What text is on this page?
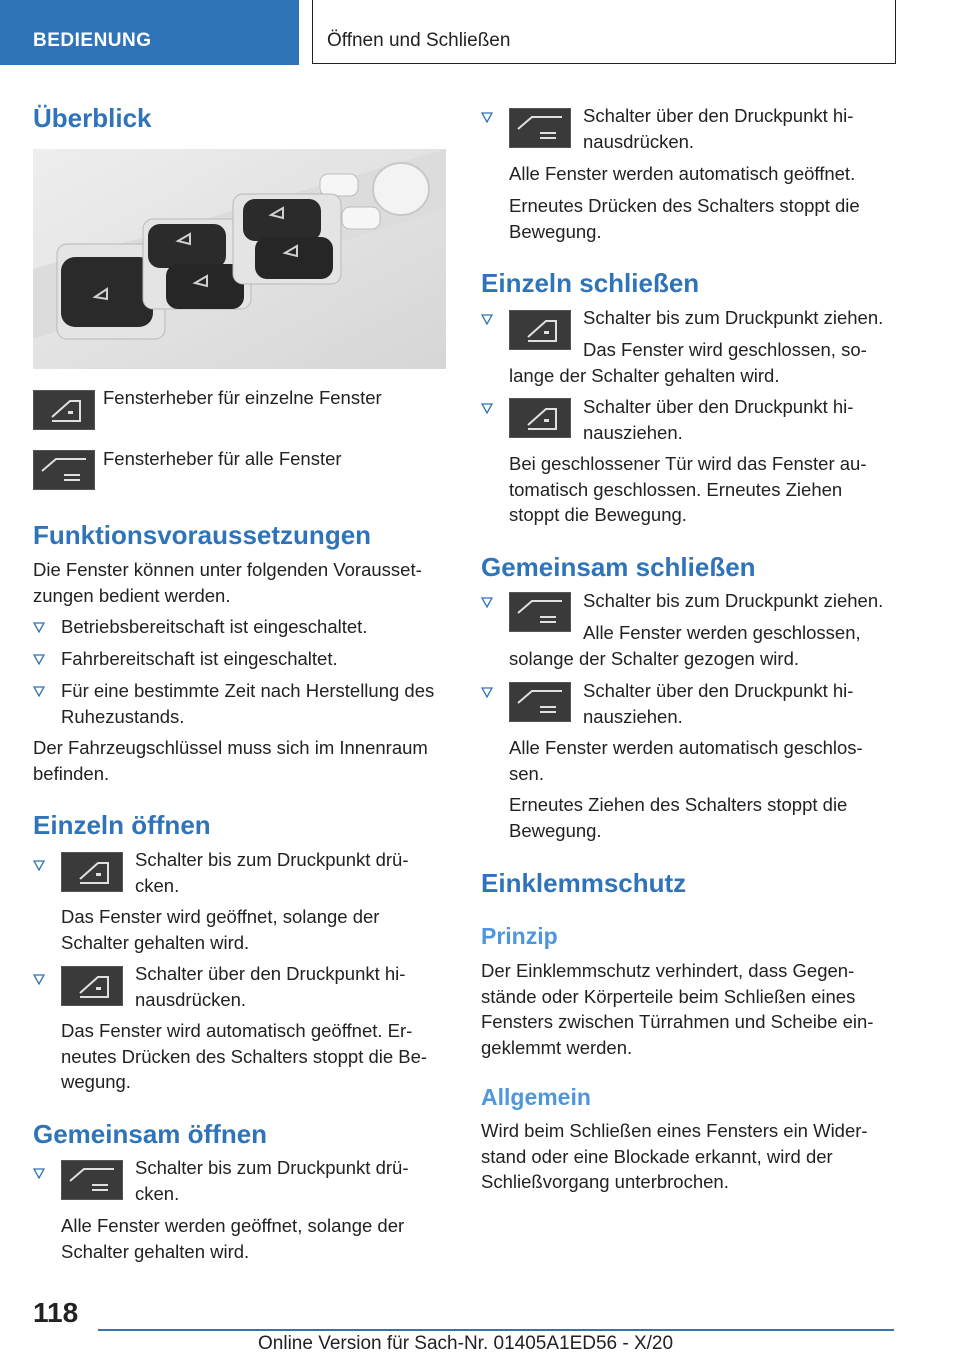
BEDIENUNG	Öffnen und Schließen
Überblick
Fensterheber für einzelne Fenster
Fensterheber für alle Fenster
Funktionsvoraussetzungen
Die Fenster können unter folgenden Vorausset- zungen bedient werden.
Betriebsbereitschaft ist eingeschaltet.
Fahrbereitschaft ist eingeschaltet.
Für eine bestimmte Zeit nach Herstellung des Ruhezustands.
Der Fahrzeugschlüssel muss sich im Innenraum befinden.
Einzeln öffnen
Schalter bis zum Druckpunkt drü- cken.
Das Fenster wird geöffnet, solange der Schalter gehalten wird.
Schalter über den Druckpunkt hi- nausdrücken.
Das Fenster wird automatisch geöffnet. Er- neutes Drücken des Schalters stoppt die Be- wegung.
Gemeinsam öffnen
Schalter bis zum Druckpunkt drü- cken.
Alle Fenster werden geöffnet, solange der Schalter gehalten wird.
Schalter über den Druckpunkt hi- nausdrücken.
Alle Fenster werden automatisch geöffnet.
Erneutes Drücken des Schalters stoppt die Bewegung.
Einzeln schließen
Schalter bis zum Druckpunkt ziehen.
Das Fenster wird geschlossen, so- lange der Schalter gehalten wird.
Schalter über den Druckpunkt hi- nausziehen.
Bei geschlossener Tür wird das Fenster au- tomatisch geschlossen. Erneutes Ziehen stoppt die Bewegung.
Gemeinsam schließen
Schalter bis zum Druckpunkt ziehen.
Alle Fenster werden geschlossen, solange der Schalter gezogen wird.
Schalter über den Druckpunkt hi- nausziehen.
Alle Fenster werden automatisch geschlos- sen.
Erneutes Ziehen des Schalters stoppt die Bewegung.
Einklemmschutz
Prinzip
Der Einklemmschutz verhindert, dass Gegen- stände oder Körperteile beim Schließen eines Fensters zwischen Türrahmen und Scheibe ein- geklemmt werden.
Allgemein
Wird beim Schließen eines Fensters ein Wider- stand oder eine Blockade erkannt, wird der Schließvorgang unterbrochen.
118
Online Version für Sach-Nr. 01405A1ED56 - X/20
